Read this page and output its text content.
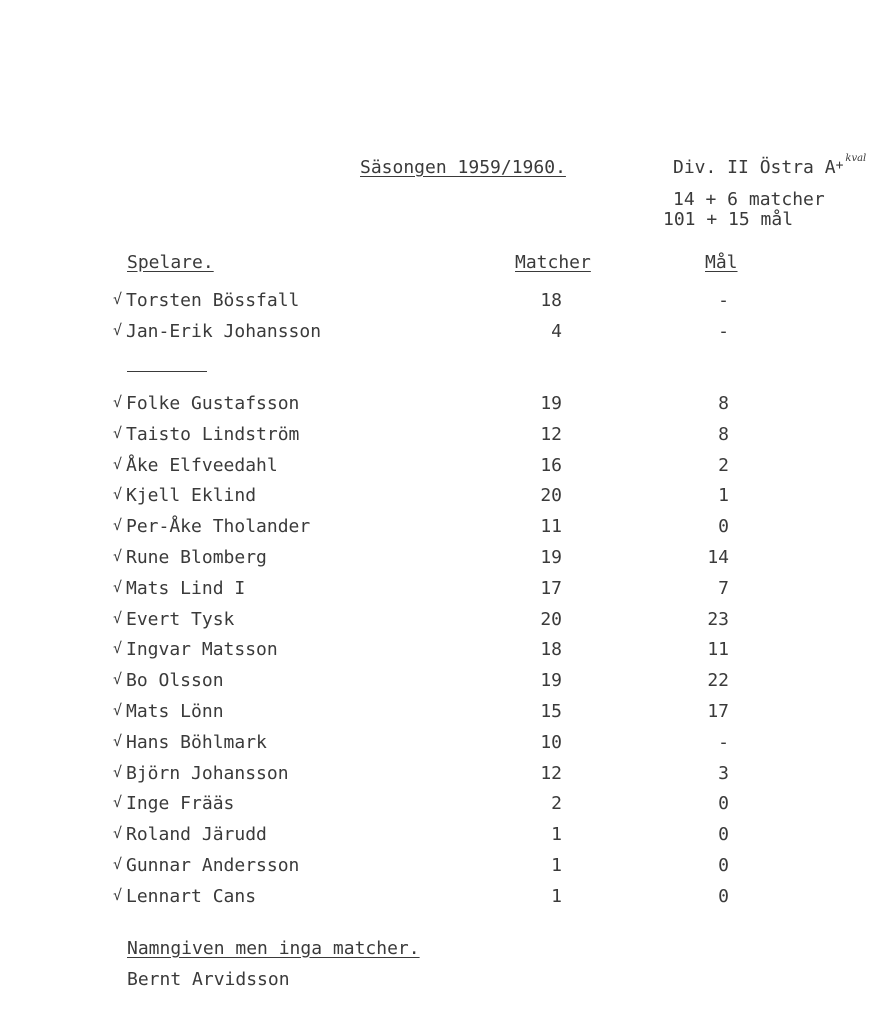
Säsongen 1959/1960.	Div. II Östra A+ $^{kval}$
14 + 6 matcher
101 + 15 mål
Spelare.	Matcher	Mål
√ Torsten Bössfall	18	-
√ Jan-Erik Johansson	4	-
√ Folke Gustafsson	19	8
√ Taisto Lindström	12	8
√ Åke Elfveedahl	16	2
√ Kjell Eklind	20	1
√ Per-Åke Tholander	11	0
√ Rune Blomberg	19	14
√ Mats Lind I	17	7
√ Evert Tysk	20	23
√ Ingvar Matsson	18	11
√ Bo Olsson	19	22
√ Mats Lönn	15	17
√ Hans Böhlmark	10	-
√ Björn Johansson	12	3
√ Inge Frääs	2	0
√ Roland Järudd	1	0
√ Gunnar Andersson	1	0
√ Lennart Cans	1	0
Namngiven men inga matcher.
Bernt Arvidsson
